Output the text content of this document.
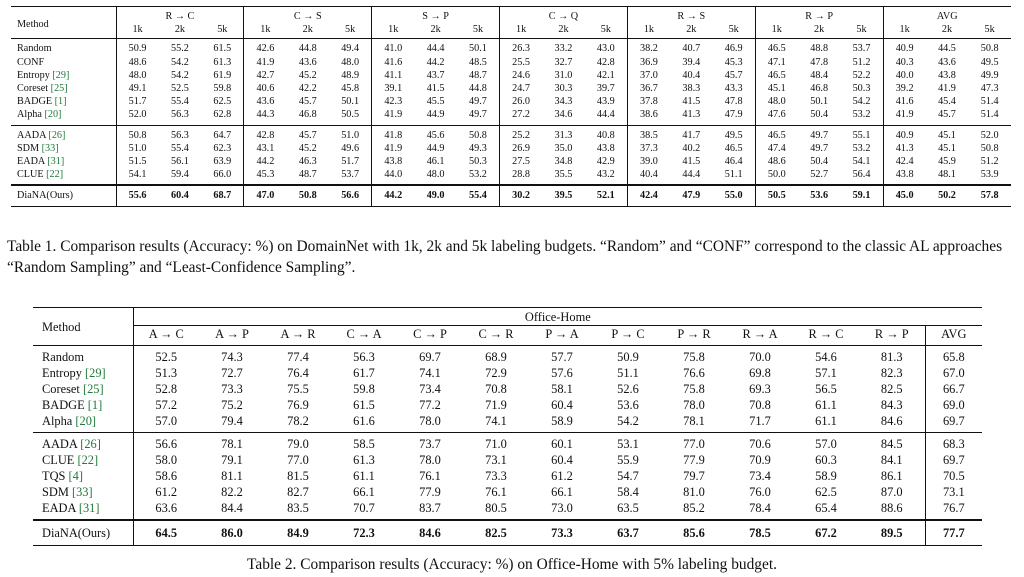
Method	R → C			C → S			S → P			C → Q			R → S			R → P			AVG		
	1k	2k	5k	1k	2k	5k	1k	2k	5k	1k	2k	5k	1k	2k	5k	1k	2k	5k	1k	2k	5k
Random	50.9	55.2	61.5	42.6	44.8	49.4	41.0	44.4	50.1	26.3	33.2	43.0	38.2	40.7	46.9	46.5	48.8	53.7	40.9	44.5	50.8
CONF	48.6	54.2	61.3	41.9	43.6	48.0	41.6	44.2	48.5	25.5	32.7	42.8	36.9	39.4	45.3	47.1	47.8	51.2	40.3	43.6	49.5
Entropy [29]	48.0	54.2	61.9	42.7	45.2	48.9	41.1	43.7	48.7	24.6	31.0	42.1	37.0	40.4	45.7	46.5	48.4	52.2	40.0	43.8	49.9
Coreset [25]	49.1	52.5	59.8	40.6	42.2	45.8	39.1	41.5	44.8	24.7	30.3	39.7	36.7	38.3	43.3	45.1	46.8	50.3	39.2	41.9	47.3
BADGE [1]	51.7	55.4	62.5	43.6	45.7	50.1	42.3	45.5	49.7	26.0	34.3	43.9	37.8	41.5	47.8	48.0	50.1	54.2	41.6	45.4	51.4
Alpha [20]	52.0	56.3	62.8	44.3	46.8	50.5	41.9	44.9	49.7	27.2	34.6	44.4	38.6	41.3	47.9	47.6	50.4	53.2	41.9	45.7	51.4
AADA [26]	50.8	56.3	64.7	42.8	45.7	51.0	41.8	45.6	50.8	25.2	31.3	40.8	38.5	41.7	49.5	46.5	49.7	55.1	40.9	45.1	52.0
SDM [33]	51.0	55.4	62.3	43.1	45.2	49.6	41.9	44.9	49.3	26.9	35.0	43.8	37.3	40.2	46.5	47.4	49.7	53.2	41.3	45.1	50.8
EADA [31]	51.5	56.1	63.9	44.2	46.3	51.7	43.8	46.1	50.3	27.5	34.8	42.9	39.0	41.5	46.4	48.6	50.4	54.1	42.4	45.9	51.2
CLUE [22]	54.1	59.4	66.0	45.3	48.7	53.7	44.0	48.0	53.2	28.8	35.5	43.2	40.4	44.4	51.1	50.0	52.7	56.4	43.8	48.1	53.9
DiaNA(Ours)	55.6	60.4	68.7	47.0	50.8	56.6	44.2	49.0	55.4	30.2	39.5	52.1	42.4	47.9	55.0	50.5	53.6	59.1	45.0	50.2	57.8
Table 1. Comparison results (Accuracy: %) on DomainNet with 1k, 2k and 5k labeling budgets. “Random” and “CONF” correspond to the classic AL approaches “Random Sampling” and “Least-Confidence Sampling”.
Method	Office-Home												
	A → C	A → P	A → R	C → A	C → P	C → R	P → A	P → C	P → R	R → A	R → C	R → P	AVG
Random	52.5	74.3	77.4	56.3	69.7	68.9	57.7	50.9	75.8	70.0	54.6	81.3	65.8
Entropy [29]	51.3	72.7	76.4	61.7	74.1	72.9	57.6	51.1	76.6	69.8	57.1	82.3	67.0
Coreset [25]	52.8	73.3	75.5	59.8	73.4	70.8	58.1	52.6	75.8	69.3	56.5	82.5	66.7
BADGE [1]	57.2	75.2	76.9	61.5	77.2	71.9	60.4	53.6	78.0	70.8	61.1	84.3	69.0
Alpha [20]	57.0	79.4	78.2	61.6	78.0	74.1	58.9	54.2	78.1	71.7	61.1	84.6	69.7
AADA [26]	56.6	78.1	79.0	58.5	73.7	71.0	60.1	53.1	77.0	70.6	57.0	84.5	68.3
CLUE [22]	58.0	79.1	77.0	61.3	78.0	73.1	60.4	55.9	77.9	70.9	60.3	84.1	69.7
TQS [4]	58.6	81.1	81.5	61.1	76.1	73.3	61.2	54.7	79.7	73.4	58.9	86.1	70.5
SDM [33]	61.2	82.2	82.7	66.1	77.9	76.1	66.1	58.4	81.0	76.0	62.5	87.0	73.1
EADA [31]	63.6	84.4	83.5	70.7	83.7	80.5	73.0	63.5	85.2	78.4	65.4	88.6	76.7
DiaNA(Ours)	64.5	86.0	84.9	72.3	84.6	82.5	73.3	63.7	85.6	78.5	67.2	89.5	77.7
Table 2. Comparison results (Accuracy: %) on Office-Home with 5% labeling budget.
